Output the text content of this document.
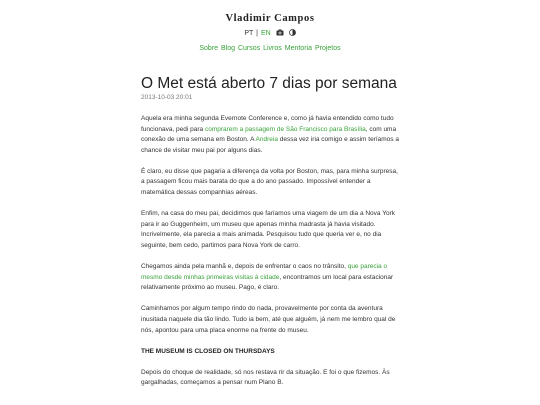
Vladimir Campos
PT | EN
Sobre Blog Cursos Livros Mentoria Projetos
O Met está aberto 7 dias por semana
2013-10-03 20:01

Aquela era minha segunda Evernote Conference e, como já havia entendido como tudo funcionava, pedi para comprarem a passagem de São Francisco para Brasília, com uma conexão de uma semana em Boston. A Andreia dessa vez iria comigo e assim teríamos a chance de visitar meu pai por alguns dias.

É claro, eu disse que pagaria a diferença da volta por Boston, mas, para minha surpresa, a passagem ficou mais barata do que a do ano passado. Impossível entender a matemática dessas companhias aéreas.

Enfim, na casa do meu pai, decidimos que faríamos uma viagem de um dia a Nova York para ir ao Guggenheim, um museu que apenas minha madrasta já havia visitado. Incrivelmente, ela parecia a mais animada. Pesquisou tudo que queria ver e, no dia seguinte, bem cedo, partimos para Nova York de carro.

Chegamos ainda pela manhã e, depois de enfrentar o caos no trânsito, que parecia o mesmo desde minhas primeiras visitas à cidade, encontramos um local para estacionar relativamente próximo ao museu. Pago, é claro.

Caminhamos por algum tempo rindo do nada, provavelmente por conta da aventura inusitada naquele dia tão lindo. Tudo ia bem, até que alguém, já nem me lembro qual de nós, apontou para uma placa enorme na frente do museu.

THE MUSEUM IS CLOSED ON THURSDAYS

Depois do choque de realidade, só nos restava rir da situação. E foi o que fizemos. Às gargalhadas, começamos a pensar num Plano B.
